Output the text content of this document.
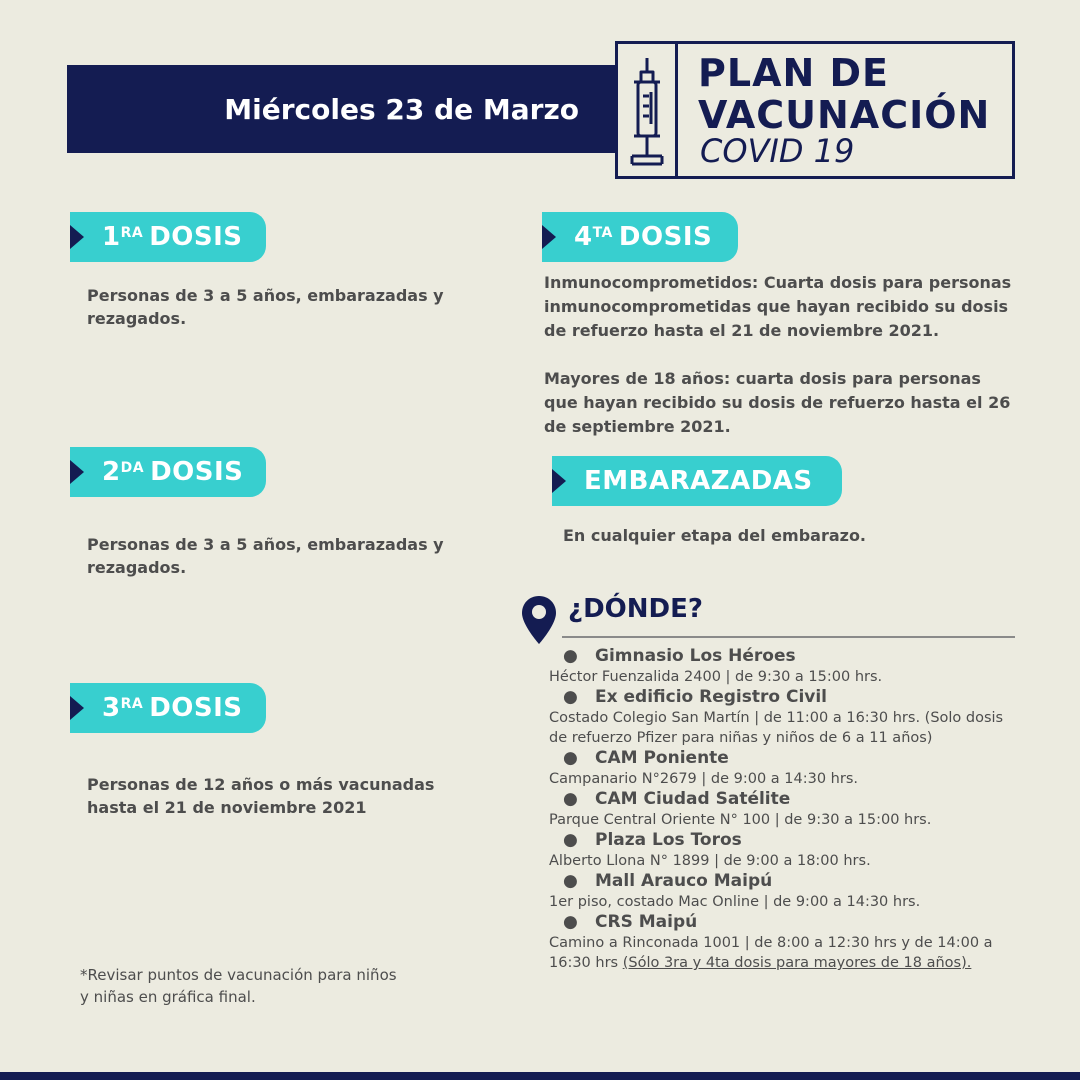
Miércoles 23 de Marzo
PLAN DE
VACUNACIÓN
COVID 19
$1^{RA}$ DOSIS
Personas de 3 a 5 años, embarazadas y rezagados.
$2^{DA}$ DOSIS
Personas de 3 a 5 años, embarazadas y rezagados.
$3^{RA}$ DOSIS
Personas de 12 años o más vacunadas hasta el 21 de noviembre 2021
$4^{TA}$ DOSIS
Inmunocomprometidos: Cuarta dosis para personas inmunocomprometidas que hayan recibido su dosis de refuerzo hasta el 21 de noviembre 2021.
Mayores de 18 años: cuarta dosis para personas que hayan recibido su dosis de refuerzo hasta el 26 de septiembre 2021.
EMBARAZADAS
En cualquier etapa del embarazo.
¿DÓNDE?
● Gimnasio Los Héroes
Héctor Fuenzalida 2400 | de 9:30 a 15:00 hrs.
● Ex edificio Registro Civil
Costado Colegio San Martín | de 11:00 a 16:30 hrs. (Solo dosis de refuerzo Pfizer para niñas y niños de 6 a 11 años)
● CAM Poniente
Campanario N°2679 | de 9:00 a 14:30 hrs.
● CAM Ciudad Satélite
Parque Central Oriente N° 100 | de 9:30 a 15:00 hrs.
● Plaza Los Toros
Alberto Llona N° 1899 | de 9:00 a 18:00 hrs.
● Mall Arauco Maipú
1er piso, costado Mac Online | de 9:00 a 14:30 hrs.
● CRS Maipú
Camino a Rinconada 1001 | de 8:00 a 12:30 hrs y de 14:00 a 16:30 hrs (Sólo 3ra y 4ta dosis para mayores de 18 años).
*Revisar puntos de vacunación para niños y niñas en gráfica final.
